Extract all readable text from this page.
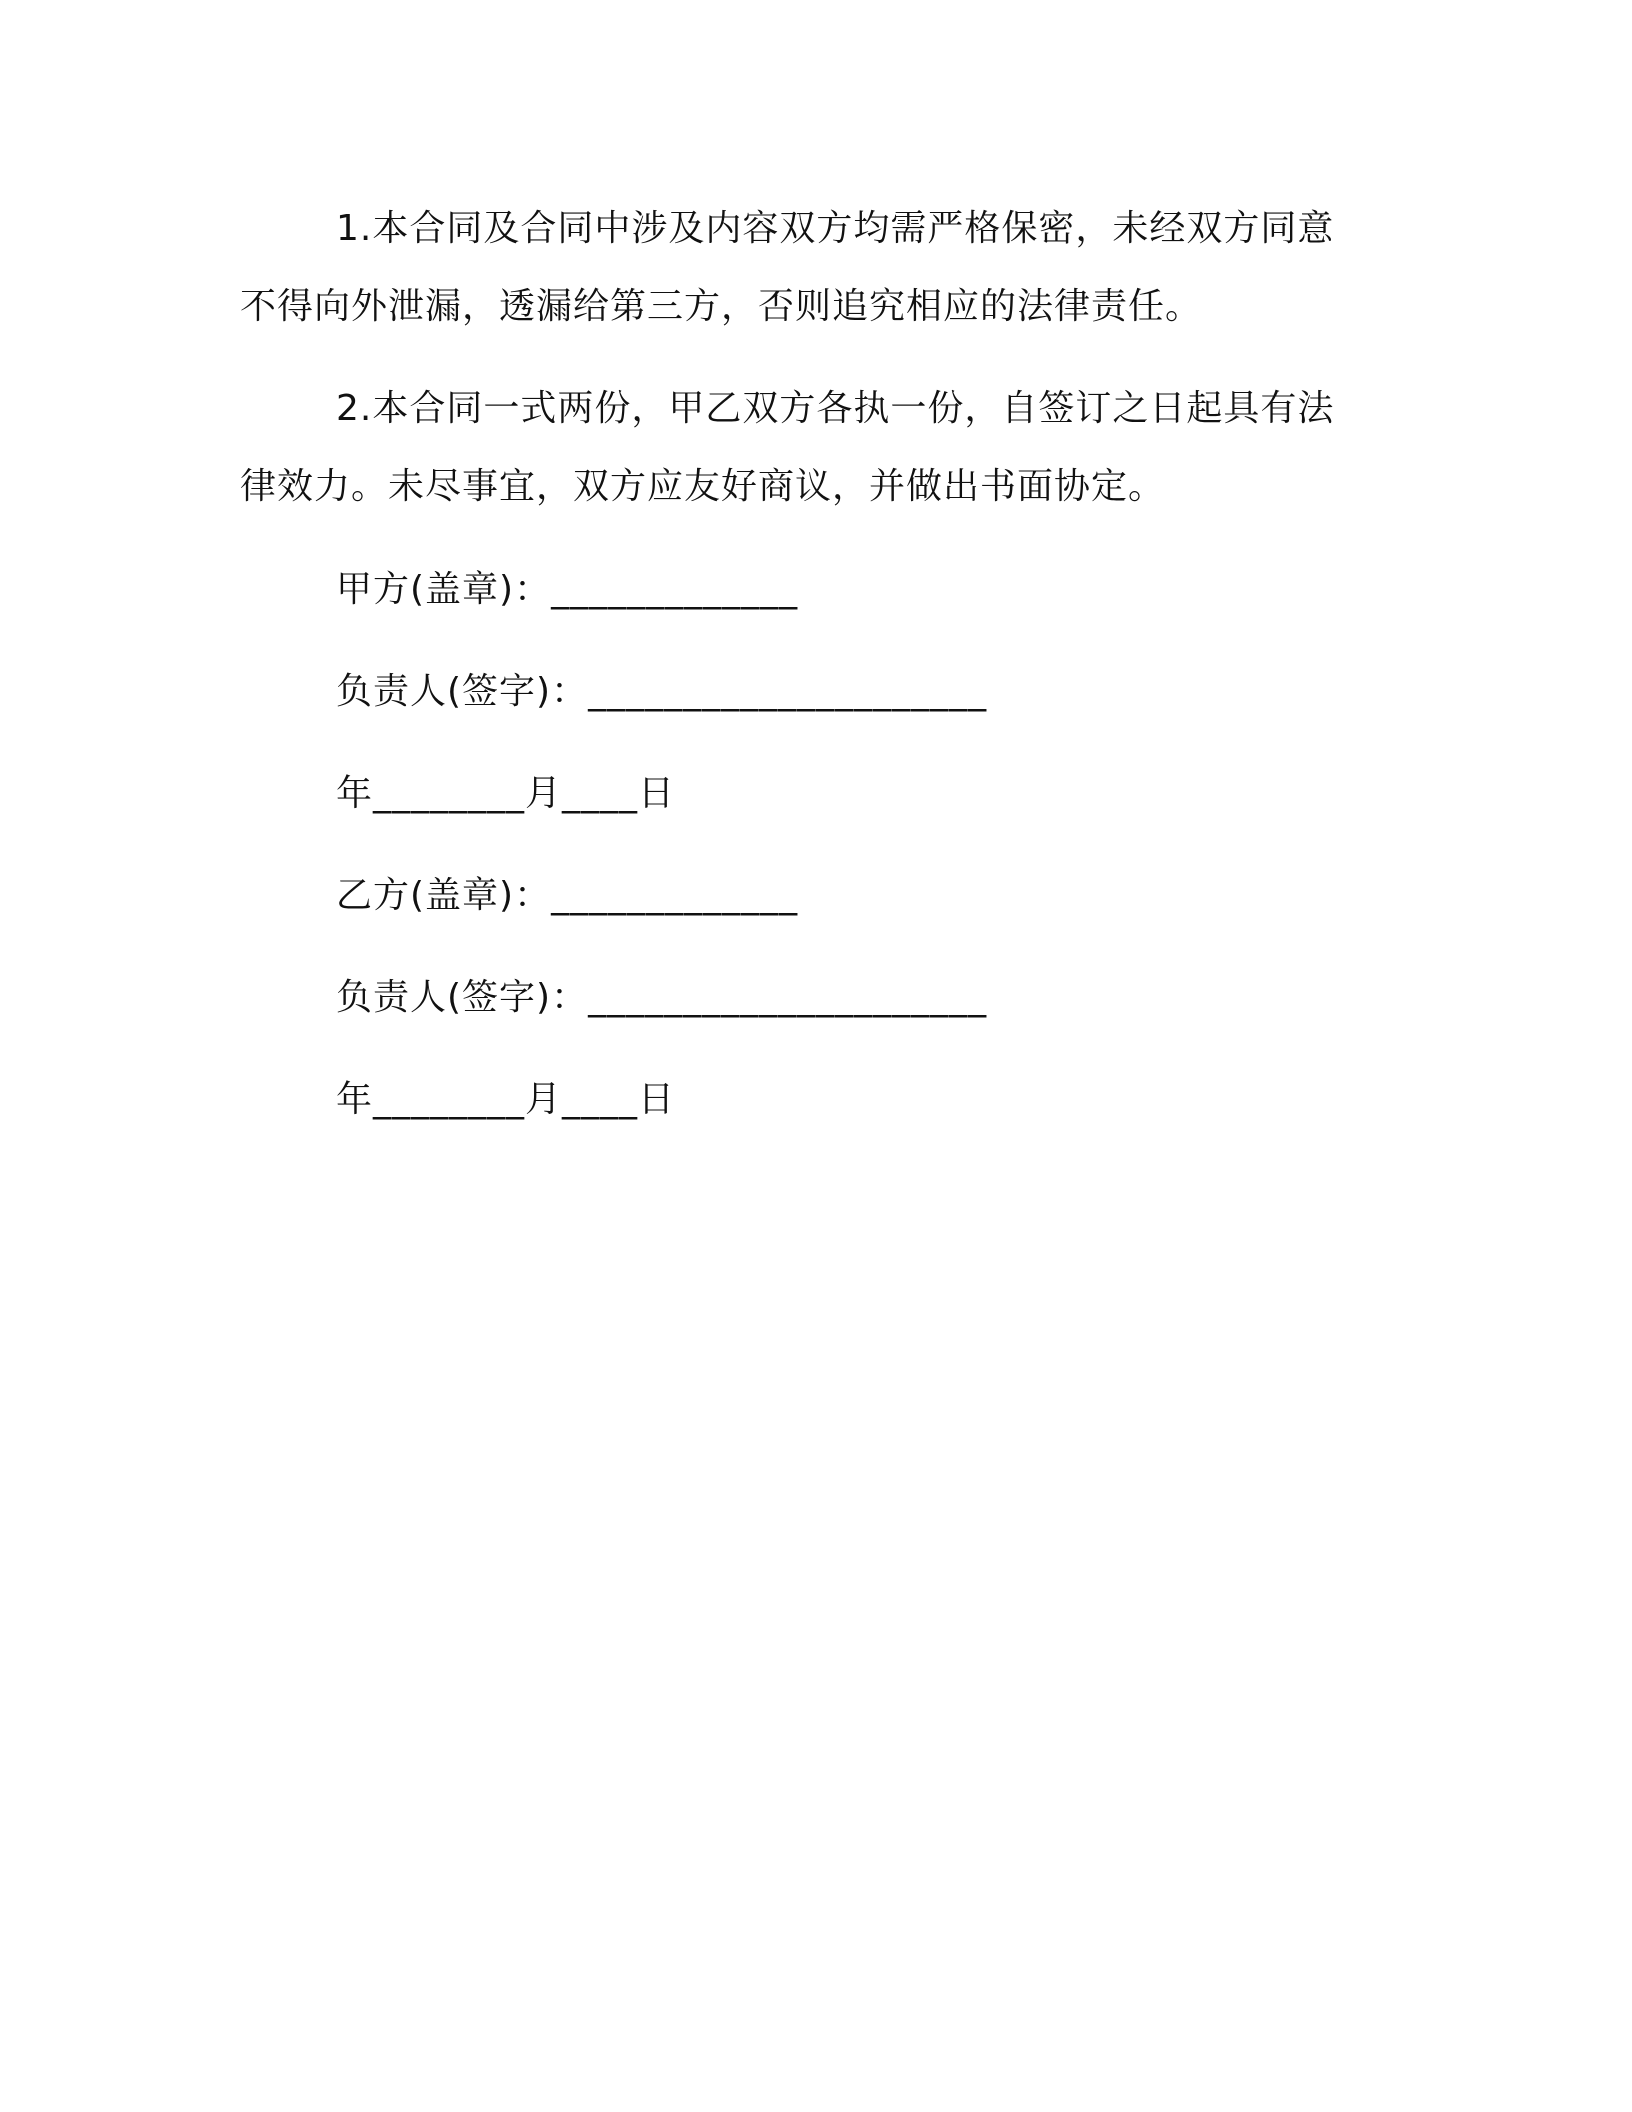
1.本合同及合同中涉及内容双方均需严格保密，未经双方同意不得向外泄漏，透漏给第三方，否则追究相应的法律责任。

2.本合同一式两份，甲乙双方各执一份，自签订之日起具有法律效力。未尽事宜，双方应友好商议，并做出书面协定。

甲方(盖章)：_____________

负责人(签字)：_____________________

年________月____日

乙方(盖章)：_____________

负责人(签字)：_____________________

年________月____日
